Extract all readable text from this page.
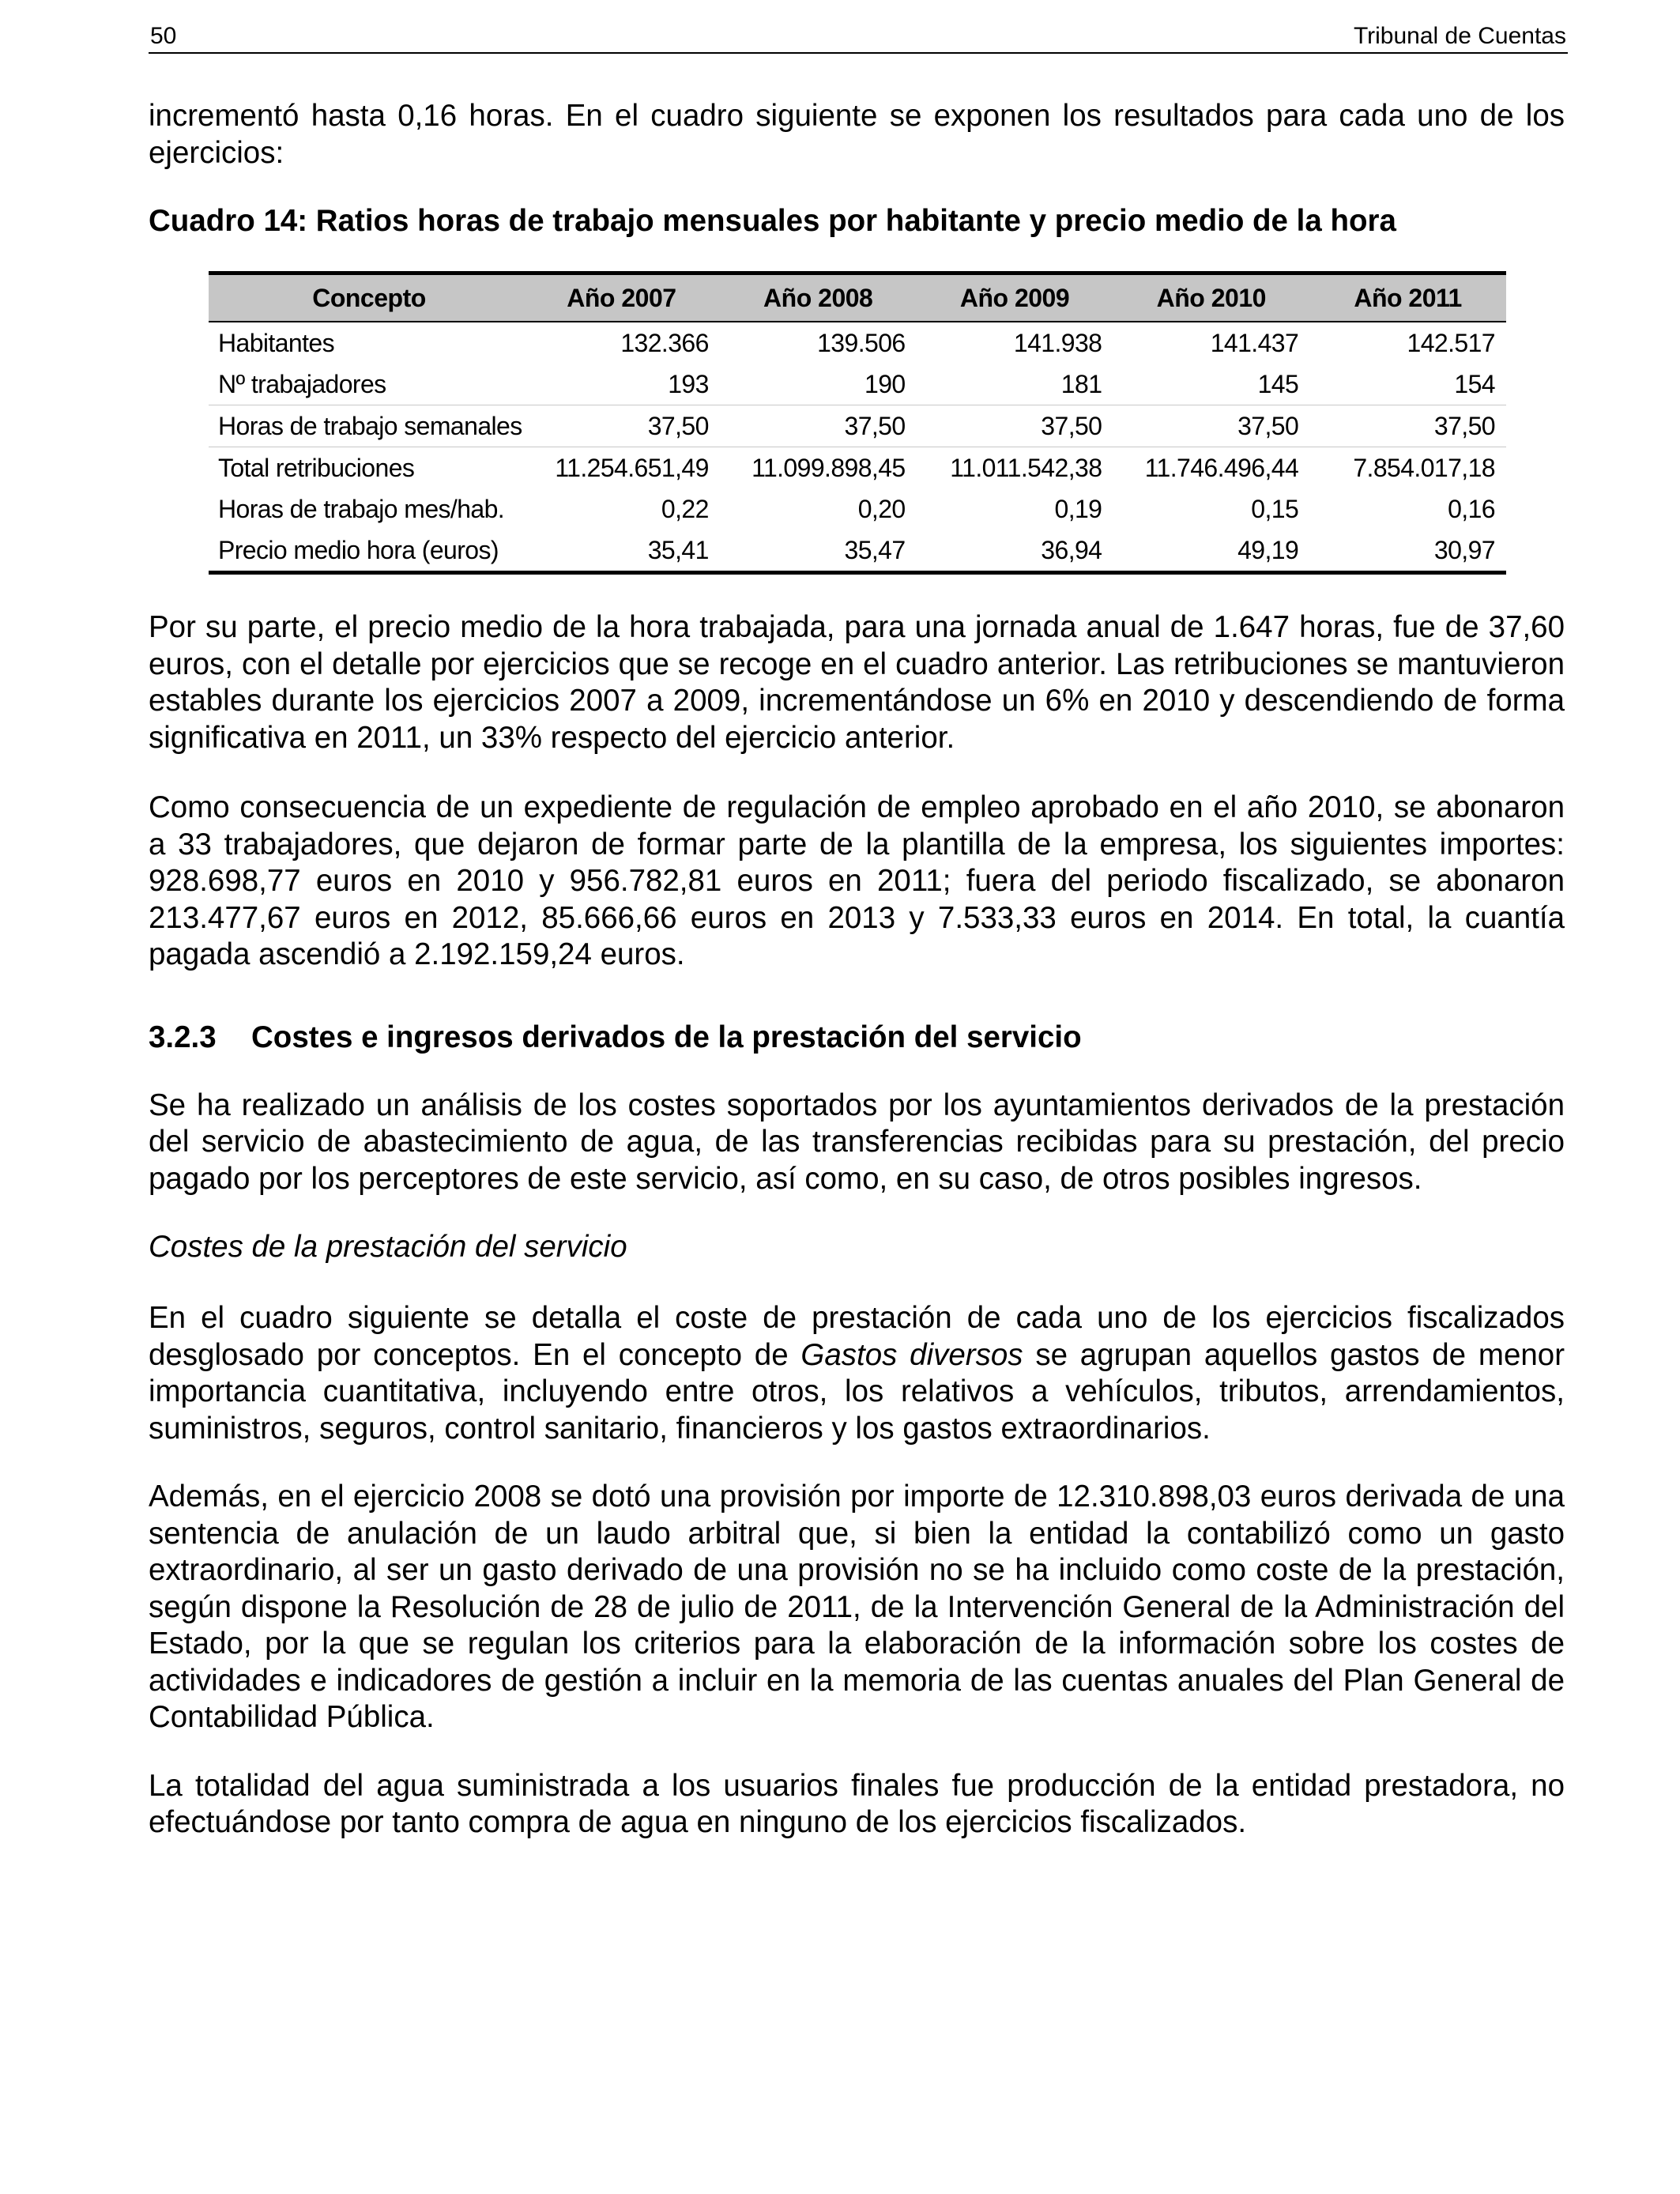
50	Tribunal de Cuentas

incrementó hasta 0,16 horas. En el cuadro siguiente se exponen los resultados para cada uno de los ejercicios:

Cuadro 14: Ratios horas de trabajo mensuales por habitante y precio medio de la hora
Concepto	Año 2007	Año 2008	Año 2009	Año 2010	Año 2011
Habitantes	132.366	139.506	141.938	141.437	142.517
Nº trabajadores	193	190	181	145	154
Horas de trabajo semanales	37,50	37,50	37,50	37,50	37,50
Total retribuciones	11.254.651,49	11.099.898,45	11.011.542,38	11.746.496,44	7.854.017,18
Horas de trabajo mes/hab.	0,22	0,20	0,19	0,15	0,16
Precio medio hora (euros)	35,41	35,47	36,94	49,19	30,97

Por su parte, el precio medio de la hora trabajada, para una jornada anual de 1.647 horas, fue de 37,60 euros, con el detalle por ejercicios que se recoge en el cuadro anterior. Las retribuciones se mantuvieron estables durante los ejercicios 2007 a 2009, incrementándose un 6% en 2010 y descendiendo de forma significativa en 2011, un 33% respecto del ejercicio anterior.

Como consecuencia de un expediente de regulación de empleo aprobado en el año 2010, se abonaron a 33 trabajadores, que dejaron de formar parte de la plantilla de la empresa, los siguientes importes: 928.698,77 euros en 2010 y 956.782,81 euros en 2011; fuera del periodo fiscalizado, se abonaron 213.477,67 euros en 2012, 85.666,66 euros en 2013 y 7.533,33 euros en 2014. En total, la cuantía pagada ascendió a 2.192.159,24 euros.

3.2.3 Costes e ingresos derivados de la prestación del servicio

Se ha realizado un análisis de los costes soportados por los ayuntamientos derivados de la prestación del servicio de abastecimiento de agua, de las transferencias recibidas para su prestación, del precio pagado por los perceptores de este servicio, así como, en su caso, de otros posibles ingresos.

Costes de la prestación del servicio

En el cuadro siguiente se detalla el coste de prestación de cada uno de los ejercicios fiscalizados desglosado por conceptos. En el concepto de Gastos diversos se agrupan aquellos gastos de menor importancia cuantitativa, incluyendo entre otros, los relativos a vehículos, tributos, arrendamientos, suministros, seguros, control sanitario, financieros y los gastos extraordinarios.

Además, en el ejercicio 2008 se dotó una provisión por importe de 12.310.898,03 euros derivada de una sentencia de anulación de un laudo arbitral que, si bien la entidad la contabilizó como un gasto extraordinario, al ser un gasto derivado de una provisión no se ha incluido como coste de la prestación, según dispone la Resolución de 28 de julio de 2011, de la Intervención General de la Administración del Estado, por la que se regulan los criterios para la elaboración de la información sobre los costes de actividades e indicadores de gestión a incluir en la memoria de las cuentas anuales del Plan General de Contabilidad Pública.

La totalidad del agua suministrada a los usuarios finales fue producción de la entidad prestadora, no efectuándose por tanto compra de agua en ninguno de los ejercicios fiscalizados.
